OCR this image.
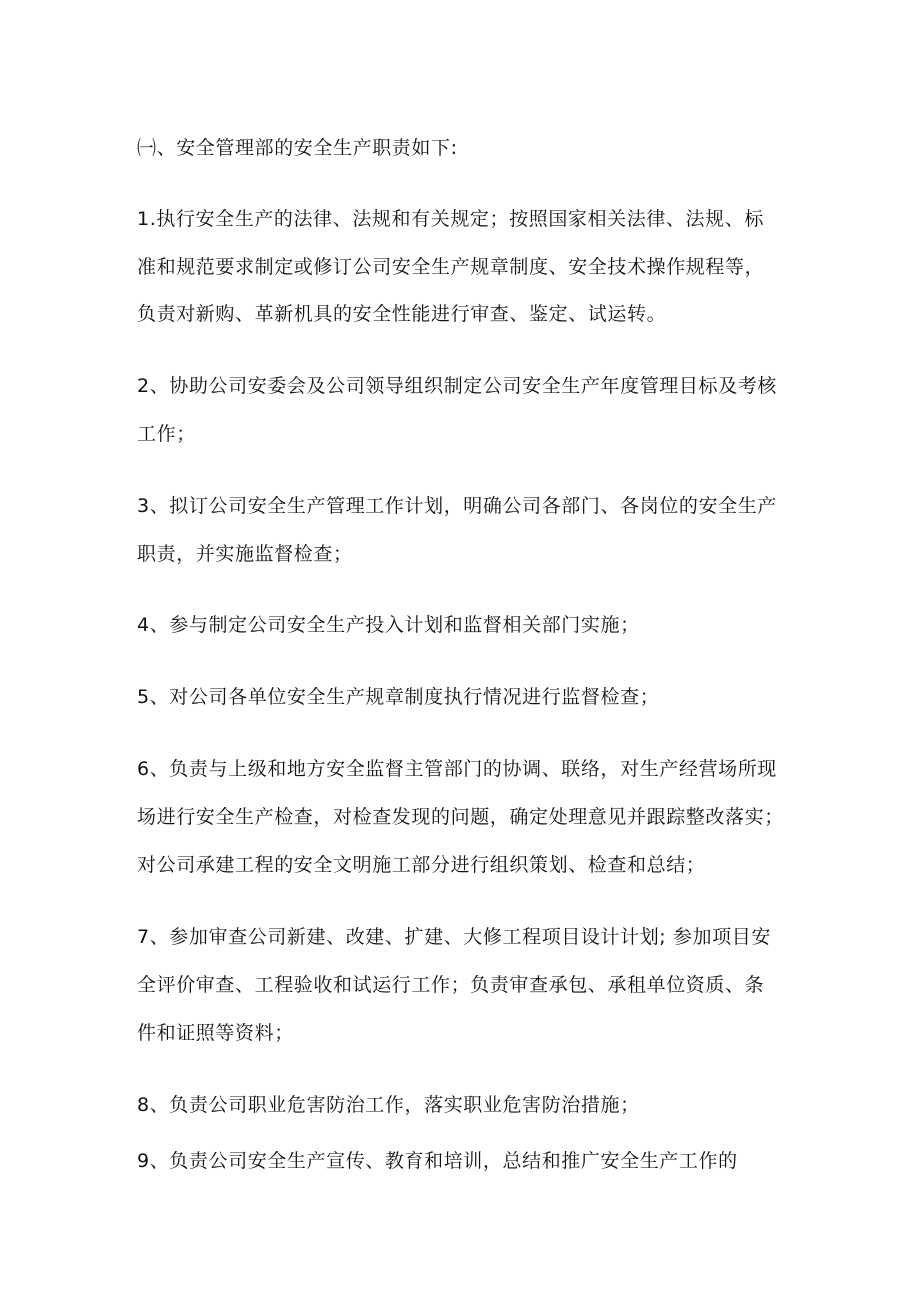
㈠、安全管理部的安全生产职责如下:
1.执行安全生产的法律、法规和有关规定；按照国家相关法律、法规、标
准和规范要求制定或修订公司安全生产规章制度、安全技术操作规程等，
负责对新购、革新机具的安全性能进行审查、鉴定、试运转。
2、协助公司安委会及公司领导组织制定公司安全生产年度管理目标及考核
工作；
3、拟订公司安全生产管理工作计划，明确公司各部门、各岗位的安全生产
职责，并实施监督检查；
4、参与制定公司安全生产投入计划和监督相关部门实施；
5、对公司各单位安全生产规章制度执行情况进行监督检查；
6、负责与上级和地方安全监督主管部门的协调、联络，对生产经营场所现
场进行安全生产检查，对检查发现的问题，确定处理意见并跟踪整改落实；
对公司承建工程的安全文明施工部分进行组织策划、检查和总结；
7、参加审查公司新建、改建、扩建、大修工程项目设计计划; 参加项目安
全评价审查、工程验收和试运行工作；负责审查承包、承租单位资质、条
件和证照等资料；
8、负责公司职业危害防治工作，落实职业危害防治措施；
9、负责公司安全生产宣传、教育和培训，总结和推广安全生产工作的
